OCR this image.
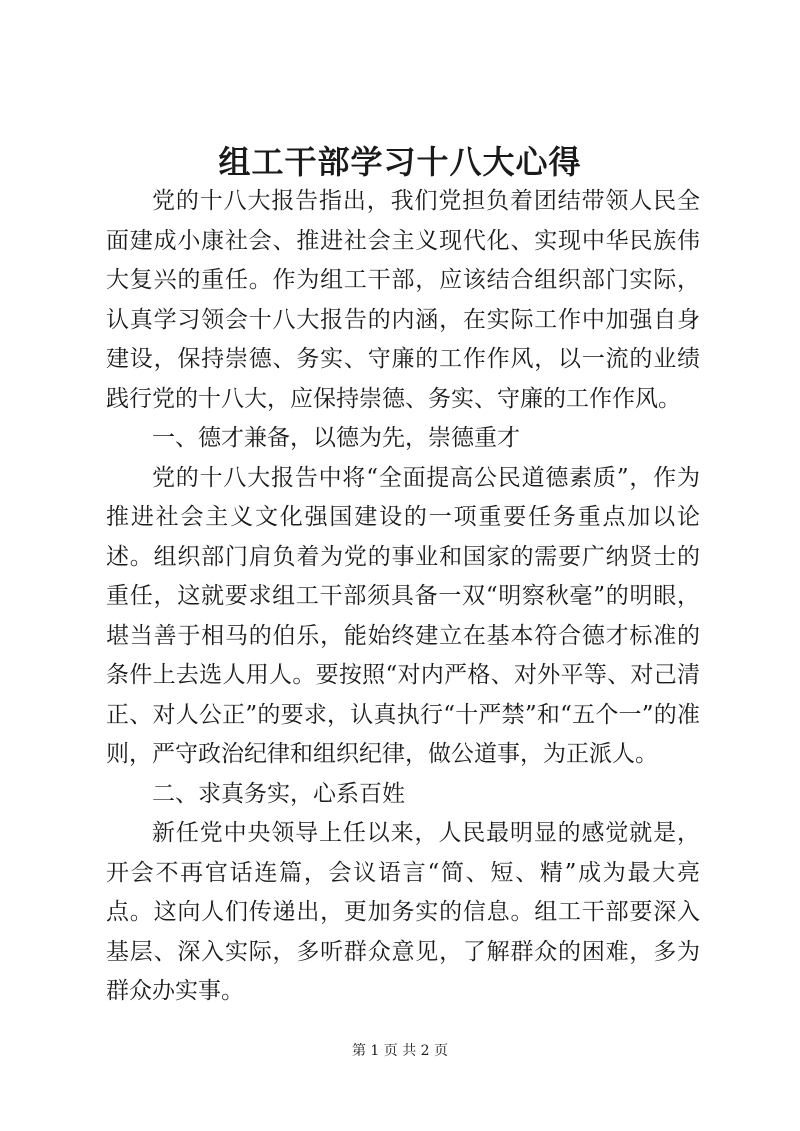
组工干部学习十八大心得

党的十八大报告指出，我们党担负着团结带领人民全面建成小康社会、推进社会主义现代化、实现中华民族伟大复兴的重任。作为组工干部，应该结合组织部门实际，认真学习领会十八大报告的内涵，在实际工作中加强自身建设，保持崇德、务实、守廉的工作作风，以一流的业绩践行党的十八大，应保持崇德、务实、守廉的工作作风。

一、德才兼备，以德为先，崇德重才

党的十八大报告中将“全面提高公民道德素质”，作为推进社会主义文化强国建设的一项重要任务重点加以论述。组织部门肩负着为党的事业和国家的需要广纳贤士的重任，这就要求组工干部须具备一双“明察秋毫”的明眼，堪当善于相马的伯乐，能始终建立在基本符合德才标准的条件上去选人用人。要按照“对内严格、对外平等、对己清正、对人公正”的要求，认真执行“十严禁”和“五个一”的准则，严守政治纪律和组织纪律，做公道事，为正派人。

二、求真务实，心系百姓

新任党中央领导上任以来，人民最明显的感觉就是，开会不再官话连篇，会议语言“简、短、精”成为最大亮点。这向人们传递出，更加务实的信息。组工干部要深入基层、深入实际，多听群众意见，了解群众的困难，多为群众办实事。

第 1 页 共 2 页
